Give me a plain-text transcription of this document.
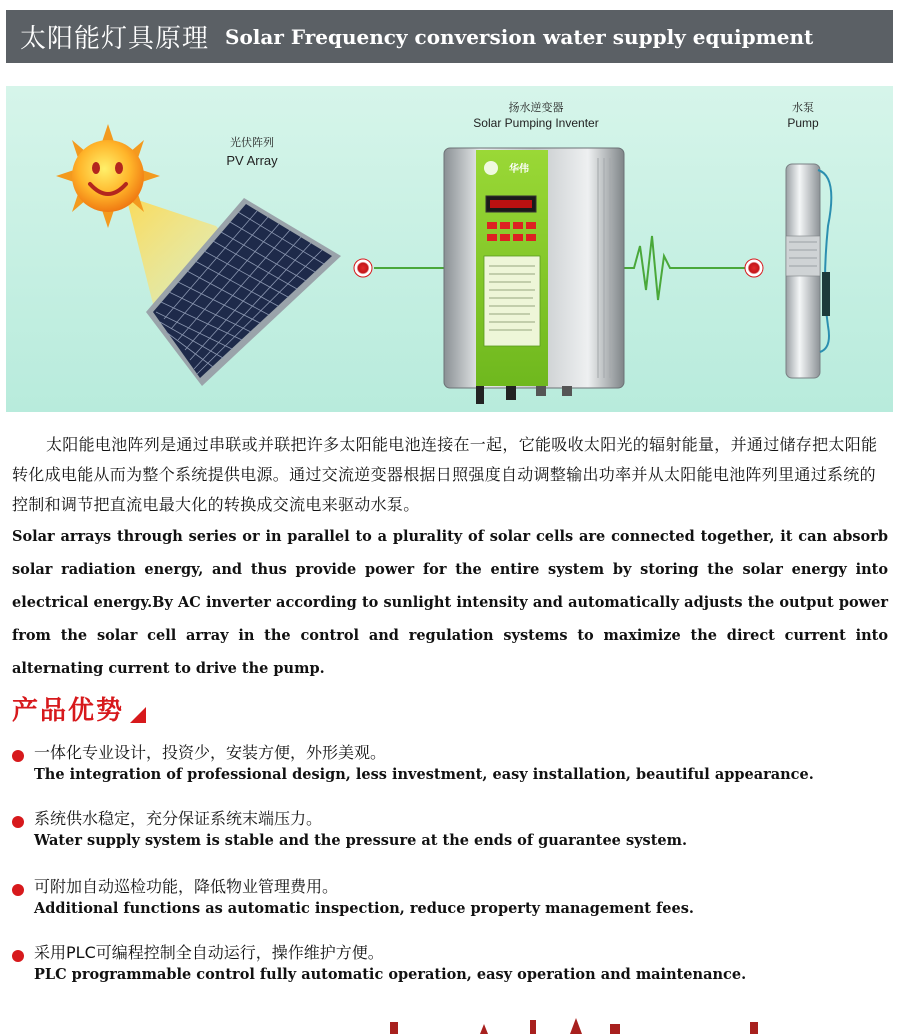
太阳能灯具原理 Solar Frequency conversion water supply equipment
光伏阵列
PV Array
扬水逆变器
Solar Pumping Inventer
华伟
水泵
Pump

太阳能电池阵列是通过串联或并联把许多太阳能电池连接在一起，它能吸收太阳光的辐射能量，并通过储存把太阳能转化成电能从而为整个系统提供电源。通过交流逆变器根据日照强度自动调整输出功率并从太阳能电池阵列里通过系统的控制和调节把直流电最大化的转换成交流电来驱动水泵。

Solar arrays through series or in parallel to a plurality of solar cells are connected together, it can absorb solar radiation energy, and thus provide power for the entire system by storing the solar energy into electrical energy.By AC inverter according to sunlight intensity and automatically adjusts the output power from the solar cell array in the control and regulation systems to maximize the direct current into alternating current to drive the pump.

产品优势
一体化专业设计，投资少，安装方便，外形美观。
The integration of professional design, less investment, easy installation, beautiful appearance.
系统供水稳定，充分保证系统末端压力。
Water supply system is stable and the pressure at the ends of guarantee system.
可附加自动巡检功能，降低物业管理费用。
Additional functions as automatic inspection, reduce property management fees.
采用PLC可编程控制全自动运行，操作维护方便。
PLC programmable control fully automatic operation, easy operation and maintenance.
